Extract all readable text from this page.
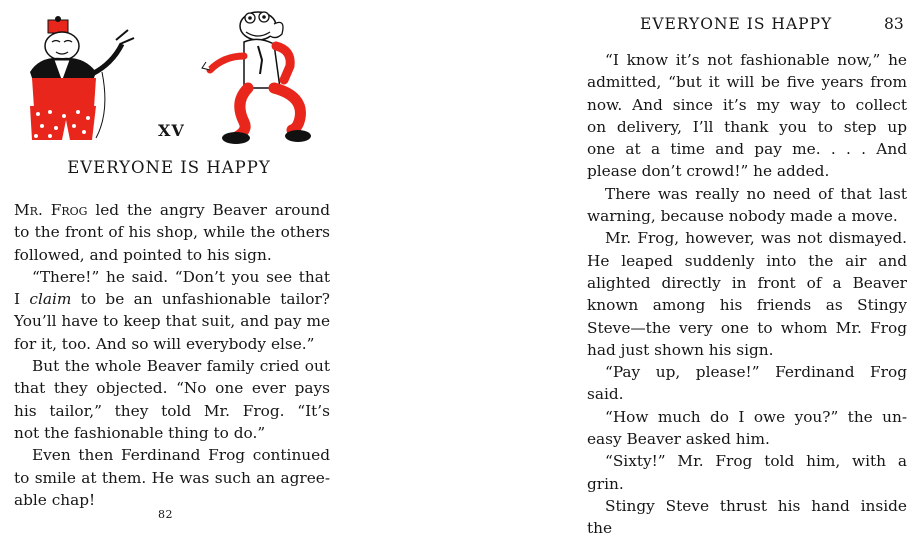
XV
EVERYONE IS HAPPY

Mr. Frog led the angry Beaver around

to the front of his shop, while the others

followed, and pointed to his sign.

“There!” he said. “Don’t you see that

I claim to be an unfashionable tailor?

You’ll have to keep that suit, and pay me

for it, too. And so will everybody else.”

But the whole Beaver family cried out

that they objected. “No one ever pays

his tailor,” they told Mr. Frog. “It’s

not the fashionable thing to do.”

Even then Ferdinand Frog continued

to smile at them. He was such an agree-

able chap!

82
EVERYONE IS HAPPY	83

“I know it’s not fashionable now,” he

admitted, “but it will be five years from

now. And since it’s my way to collect

on delivery, I’ll thank you to step up

one at a time and pay me. . . . And

please don’t crowd!” he added.

There was really no need of that last

warning, because nobody made a move.

Mr. Frog, however, was not dismayed.

He leaped suddenly into the air and

alighted directly in front of a Beaver

known among his friends as Stingy

Steve—the very one to whom Mr. Frog

had just shown his sign.

“Pay up, please!” Ferdinand Frog

said.

“How much do I owe you?” the un-

easy Beaver asked him.

“Sixty!” Mr. Frog told him, with a

grin.

Stingy Steve thrust his hand inside the
